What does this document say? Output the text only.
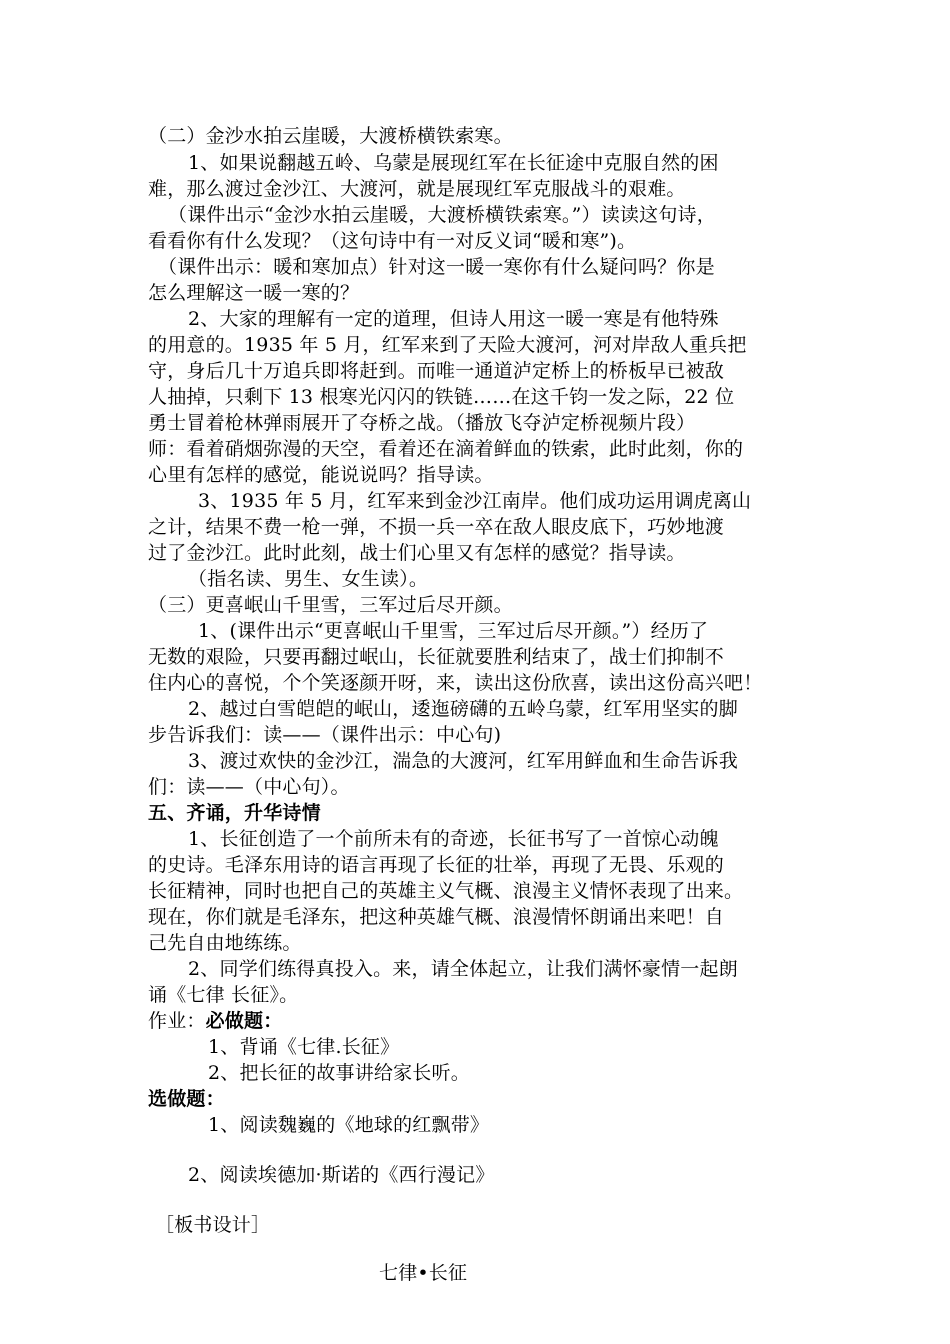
（二）金沙水拍云崖暖，大渡桥横铁索寒。
1、如果说翻越五岭、乌蒙是展现红军在长征途中克服自然的困
难，那么渡过金沙江、大渡河，就是展现红军克服战斗的艰难。
（课件出示“金沙水拍云崖暖，大渡桥横铁索寒。”）读读这句诗，
看看你有什么发现？（这句诗中有一对反义词“暖和寒”)。
（课件出示：暖和寒加点）针对这一暖一寒你有什么疑问吗？你是
怎么理解这一暖一寒的？
2、大家的理解有一定的道理，但诗人用这一暖一寒是有他特殊
的用意的。1935 年 5 月，红军来到了天险大渡河，河对岸敌人重兵把
守，身后几十万追兵即将赶到。而唯一通道泸定桥上的桥板早已被敌
人抽掉，只剩下 13 根寒光闪闪的铁链……在这千钧一发之际，22 位
勇士冒着枪林弹雨展开了夺桥之战。（播放飞夺泸定桥视频片段）
师：看着硝烟弥漫的天空，看着还在滴着鲜血的铁索，此时此刻，你的
心里有怎样的感觉，能说说吗？指导读。
3、1935 年 5 月，红军来到金沙江南岸。他们成功运用调虎离山
之计，结果不费一枪一弹，不损一兵一卒在敌人眼皮底下，巧妙地渡
过了金沙江。此时此刻，战士们心里又有怎样的感觉？指导读。
（指名读、男生、女生读）。
（三）更喜岷山千里雪，三军过后尽开颜。
1、(课件出示“更喜岷山千里雪，三军过后尽开颜。”）经历了
无数的艰险，只要再翻过岷山，长征就要胜利结束了，战士们抑制不
住内心的喜悦，个个笑逐颜开呀，来，读出这份欣喜，读出这份高兴吧！
2、越过白雪皑皑的岷山，逶迤磅礴的五岭乌蒙，红军用坚实的脚
步告诉我们：读——（课件出示：中心句)
3、渡过欢快的金沙江，湍急的大渡河，红军用鲜血和生命告诉我
们：读——（中心句）。
五、齐诵，升华诗情
1、长征创造了一个前所未有的奇迹，长征书写了一首惊心动魄
的史诗。毛泽东用诗的语言再现了长征的壮举，再现了无畏、乐观的
长征精神，同时也把自己的英雄主义气概、浪漫主义情怀表现了出来。
现在，你们就是毛泽东，把这种英雄气概、浪漫情怀朗诵出来吧！自
己先自由地练练。
2、同学们练得真投入。来，请全体起立，让我们满怀豪情一起朗
诵《七律 长征》。
作业：必做题：
1、背诵《七律.长征》
2、把长征的故事讲给家长听。
选做题：
1、阅读魏巍的《地球的红飘带》
2、阅读埃德加·斯诺的《西行漫记》
［板书设计］
七律•长征
